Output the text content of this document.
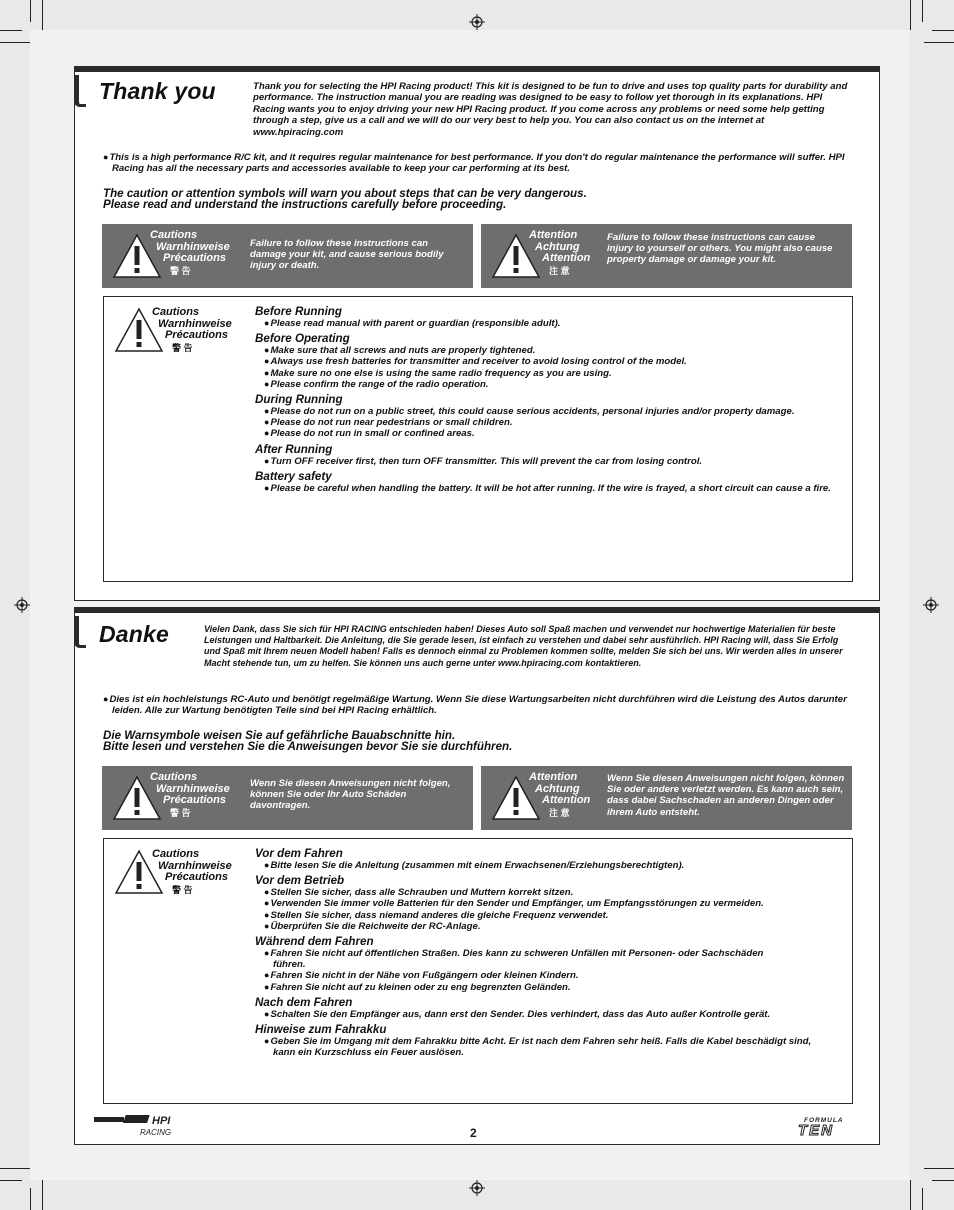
Thank you	Thank you for selecting the HPI Racing product! This kit is designed to be fun to drive and uses top quality parts for durability and performance. The instruction manual you are reading was designed to be easy to follow yet thorough in its explanations. HPI Racing wants you to enjoy driving your new HPI Racing product. If you come across any problems or need some help getting through a step, give us a call and we will do our very best to help you. You can also contact us on the internet at www.hpiracing.com
● This is a high performance R/C kit, and it requires regular maintenance for best performance. If you don't do regular maintenance the performance will suffer. HPI Racing has all the necessary parts and accessories available to keep your car performing at its best.
The caution or attention symbols will warn you about steps that can be very dangerous.
Please read and understand the instructions carefully before proceeding.
Cautions
Warnhinweise
Précautions
警 告
Failure to follow these instructions can damage your kit, and cause serious bodily injury or death.
Attention
Achtung
Attention
注 意
Failure to follow these instructions can cause injury to yourself or others. You might also cause property damage or damage your kit.
Cautions
Warnhinweise
Précautions
警 告
Before Running
● Please read manual with parent or guardian (responsible adult).
Before Operating
● Make sure that all screws and nuts are properly tightened.
● Always use fresh batteries for transmitter and receiver to avoid losing control of the model.
● Make sure no one else is using the same radio frequency as you are using.
● Please confirm the range of the radio operation.
During Running
● Please do not run on a public street, this could cause serious accidents, personal injuries and/or property damage.
● Please do not run near pedestrians or small children.
● Please do not run in small or confined areas.
After Running
● Turn OFF receiver first, then turn OFF transmitter. This will prevent the car from losing control.
Battery safety
● Please be careful when handling the battery. It will be hot after running. If the wire is frayed, a short circuit can cause a fire.
Danke	Vielen Dank, dass Sie sich für HPI RACING entschieden haben! Dieses Auto soll Spaß machen und verwendet nur hochwertige Materialien für beste Leistungen und Haltbarkeit. Die Anleitung, die Sie gerade lesen, ist einfach zu verstehen und dabei sehr ausführlich. HPI Racing will, dass Sie Erfolg und Spaß mit Ihrem neuen Modell haben! Falls es dennoch einmal zu Problemen kommen sollte, melden Sie sich bei uns. Wir werden alles in unserer Macht stehende tun, um zu helfen. Sie können uns auch gerne unter www.hpiracing.com kontaktieren.
● Dies ist ein hochleistungs RC-Auto und benötigt regelmäßige Wartung. Wenn Sie diese Wartungsarbeiten nicht durchführen wird die Leistung des Autos darunter leiden. Alle zur Wartung benötigten Teile sind bei HPI Racing erhältlich.
Die Warnsymbole weisen Sie auf gefährliche Bauabschnitte hin.
Bitte lesen und verstehen Sie die Anweisungen bevor Sie sie durchführen.
Cautions
Warnhinweise
Précautions
警 告
Wenn Sie diesen Anweisungen nicht folgen, können Sie oder Ihr Auto Schäden davontragen.
Attention
Achtung
Attention
注 意
Wenn Sie diesen Anweisungen nicht folgen, können Sie oder andere verletzt werden. Es kann auch sein, dass dabei Sachschaden an anderen Dingen oder ihrem Auto entsteht.
Cautions
Warnhinweise
Précautions
警 告
Vor dem Fahren
● Bitte lesen Sie die Anleitung (zusammen mit einem Erwachsenen/Erziehungsberechtigten).
Vor dem Betrieb
● Stellen Sie sicher, dass alle Schrauben und Muttern korrekt sitzen.
● Verwenden Sie immer volle Batterien für den Sender und Empfänger, um Empfangsstörungen zu vermeiden.
● Stellen Sie sicher, dass niemand anderes die gleiche Frequenz verwendet.
● Überprüfen Sie die Reichweite der RC-Anlage.
Während dem Fahren
● Fahren Sie nicht auf öffentlichen Straßen. Dies kann zu schweren Unfällen mit Personen- oder Sachschäden führen.
● Fahren Sie nicht in der Nähe von Fußgängern oder kleinen Kindern.
● Fahren Sie nicht auf zu kleinen oder zu eng begrenzten Geländen.
Nach dem Fahren
● Schalten Sie den Empfänger aus, dann erst den Sender. Dies verhindert, dass das Auto außer Kontrolle gerät.
Hinweise zum Fahrakku
● Geben Sie im Umgang mit dem Fahrakku bitte Acht. Er ist nach dem Fahren sehr heiß. Falls die Kabel beschädigt sind, kann ein Kurzschluss ein Feuer auslösen.
HPI
RACING	2
FORMULA
TEN
